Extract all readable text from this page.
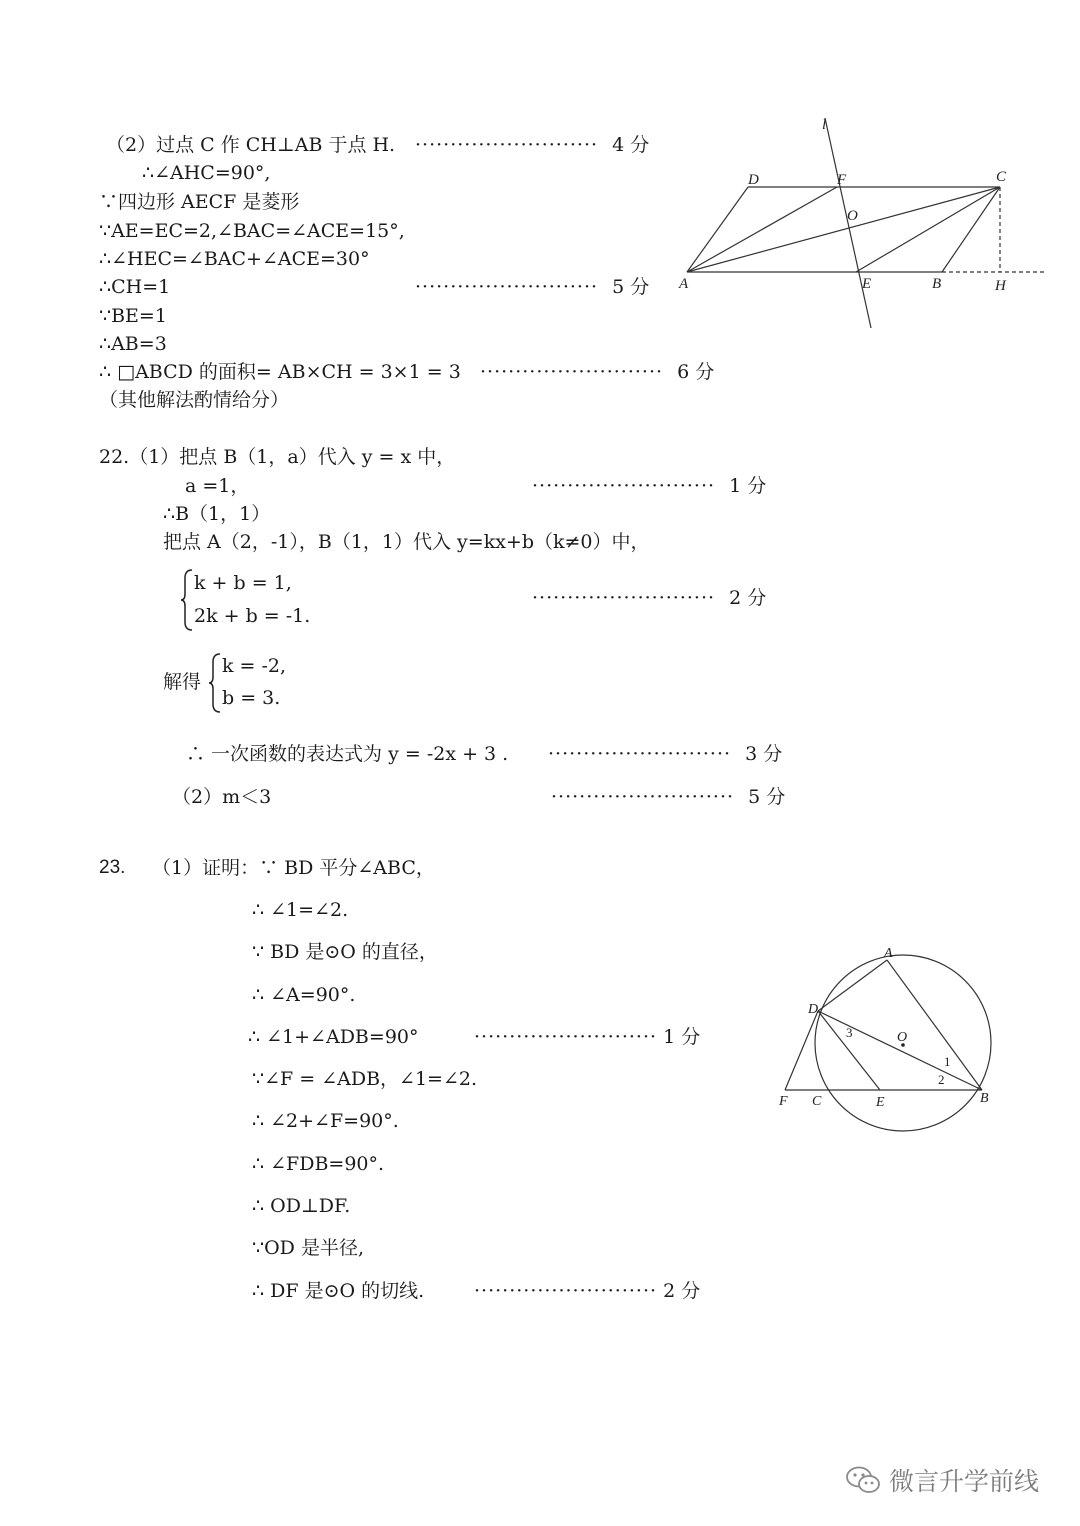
（2）过点 C 作 CH⊥AB 于点 H. ·························· 4 分
∴∠AHC=90°,
∵四边形 AECF 是菱形
∵AE=EC=2,∠BAC=∠ACE=15°,
∴∠HEC=∠BAC+∠ACE=30°
∴CH=1	·························· 5 分
∵BE=1
∴AB=3
∴ □ABCD 的面积= AB×CH = 3×1 = 3 ·························· 6 分
（其他解法酌情给分）
l
D	F	C
O
A	E	B	H
22.（1）把点 B（1，a）代入 y = x 中，
a =1，	·························· 1 分
∴B（1，1）
把点 A（2，-1），B（1，1）代入 y=kx+b（k≠0）中，
k + b = 1,
2k + b = -1.
·························· 2 分
解得
k = -2,
b = 3.
∴ 一次函数的表达式为 y = -2x + 3 . ·························· 3 分
（2）m＜3	·························· 5 分
23. （1）证明：∵ BD 平分∠ABC，
∴ ∠1=∠2.
∵ BD 是⊙O 的直径，
∴ ∠A=90°.
∴ ∠1+∠ADB=90°	·························· 1 分
∵∠F = ∠ADB，∠1=∠2.
∴ ∠2+∠F=90°.
∴ ∠FDB=90°.
∴ OD⊥DF.
∵OD 是半径,
∴ DF 是⊙O 的切线.	·························· 2 分
A
D
O
F C	E	B
1
2
3
微言升学前线
